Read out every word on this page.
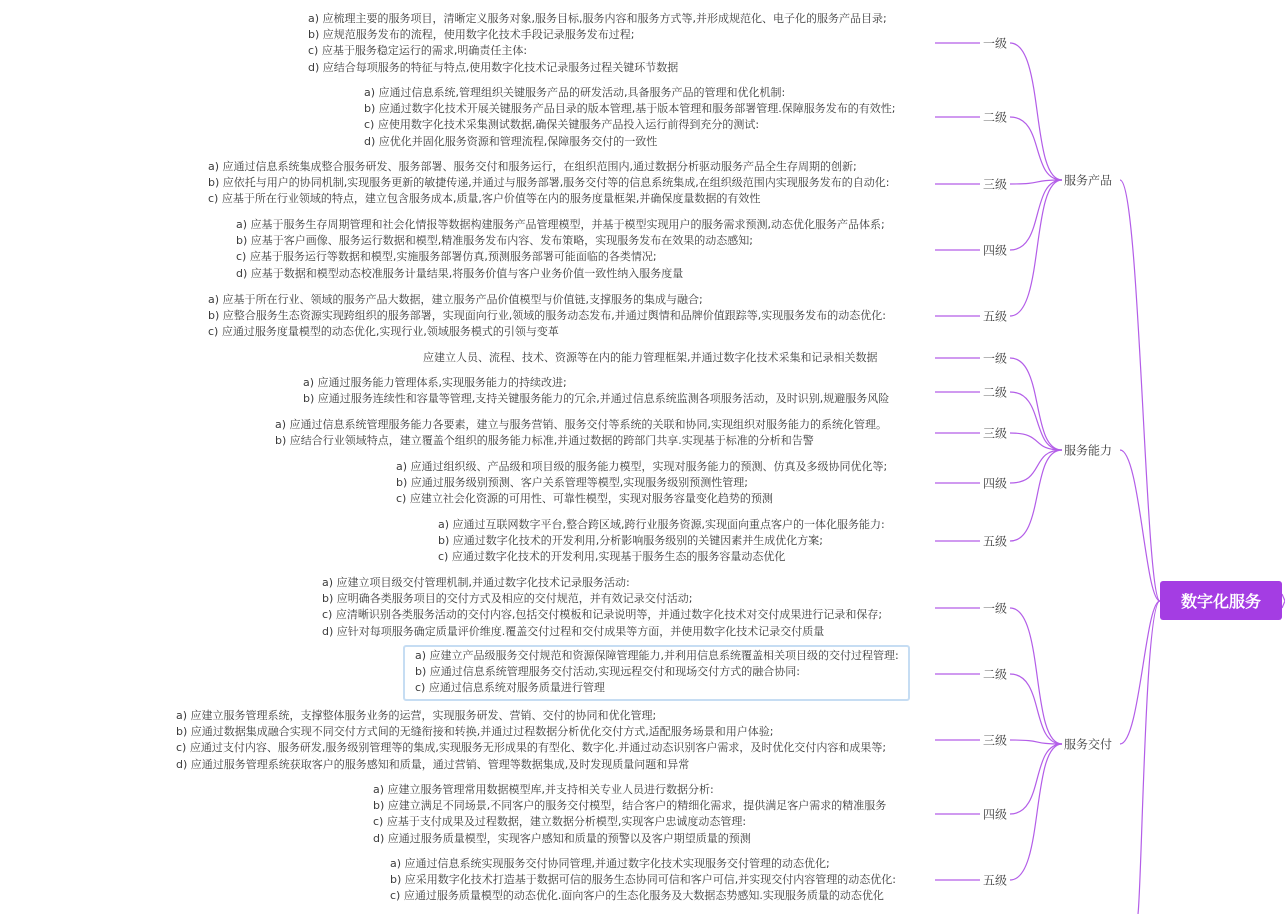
a) 应梳理主要的服务项目，清晰定义服务对象,服务目标,服务内容和服务方式等,并形成规范化、电子化的服务产品目录;
b) 应规范服务发布的流程，使用数字化技术手段记录服务发布过程;
c) 应基于服务稳定运行的需求,明确责任主体:
d) 应结合每项服务的特征与特点,使用数字化技术记录服务过程关键环节数据
一级
a) 应通过信息系统,管理组织关键服务产品的研发活动,具备服务产品的管理和优化机制:
b) 应通过数字化技术开展关键服务产品目录的版本管理,基于版本管理和服务部署管理.保障服务发布的有效性;
c) 应使用数字化技术采集测试数据,确保关键服务产品投入运行前得到充分的测试:
d) 应优化并固化服务资源和管理流程,保障服务交付的一致性
二级
a) 应通过信息系统集成整合服务研发、服务部署、服务交付和服务运行，在组织范围内,通过数据分析驱动服务产品全生存周期的创新;
b) 应依托与用户的协同机制,实现服务更新的敏捷传递,并通过与服务部署,服务交付等的信息系统集成,在组织级范围内实现服务发布的自动化:
c) 应基于所在行业领域的特点，建立包含服务成本,质量,客户价值等在内的服务度量框架,并确保度量数据的有效性
三级
a) 应基于服务生存周期管理和社会化情报等数据构建服务产品管理模型，并基于模型实现用户的服务需求预测,动态优化服务产品体系;
b) 应基于客户画像、服务运行数据和模型,精准服务发布内容、发布策略，实现服务发布在效果的动态感知;
c) 应基于服务运行等数据和模型,实施服务部署仿真,预测服务部署可能面临的各类情况;
d) 应基于数据和模型动态校准服务计量结果,将服务价值与客户业务价值一致性纳入服务度量
四级
a) 应基于所在行业、领域的服务产品大数据，建立服务产品价值模型与价值链,支撑服务的集成与融合;
b) 应整合服务生态资源实现跨组织的服务部署，实现面向行业,领域的服务动态发布,并通过舆情和品牌价值跟踪等,实现服务发布的动态优化:
c) 应通过服务度量模型的动态优化,实现行业,领域服务模式的引领与变革
五级
服务产品
应建立人员、流程、技术、资源等在内的能力管理框架,并通过数字化技术采集和记录相关数据	一级
a) 应通过服务能力管理体系,实现服务能力的持续改进;
b) 应通过服务连续性和容量等管理,支持关键服务能力的冗余,并通过信息系统监测各项服务活动，及时识别,规避服务风险	二级
a) 应通过信息系统管理服务能力各要素，建立与服务营销、服务交付等系统的关联和协同,实现组织对服务能力的系统化管理。
b) 应结合行业领域特点，建立覆盖个组织的服务能力标准,并通过数据的跨部门共享.实现基于标准的分析和告警
三级
a) 应通过组织级、产品级和项目级的服务能力模型，实现对服务能力的预测、仿真及多级协同优化等;
b) 应通过服务级别预测、客户关系管理等模型,实现服务级别预测性管理;
c) 应建立社会化资源的可用性、可靠性模型，实现对服务容量变化趋势的预测
四级
a) 应通过互联网数字平台,整合跨区域,跨行业服务资源,实现面向重点客户的一体化服务能力:
b) 应通过数字化技术的开发利用,分析影响服务级别的关键因素并生成优化方案;
c) 应通过数字化技术的开发利用,实现基于服务生态的服务容量动态优化
五级
服务能力
a) 应建立项目级交付管理机制,并通过数字化技术记录服务活动:
b) 应明确各类服务项目的交付方式及相应的交付规范，并有效记录交付活动;
c) 应清晰识别各类服务活动的交付内容,包括交付模板和记录说明等，并通过数字化技术对交付成果进行记录和保存;
d) 应针对每项服务确定质量评价维度.覆盖交付过程和交付成果等方面，并使用数字化技术记录交付质量
一级
a) 应建立产品级服务交付规范和资源保障管理能力,并利用信息系统覆盖相关项目级的交付过程管理:
b) 应通过信息系统管理服务交付活动,实现远程交付和现场交付方式的融合协同:
c) 应通过信息系统对服务质量进行管理
二级
a) 应建立服务管理系统，支撑整体服务业务的运营，实现服务研发、营销、交付的协同和优化管理;
b) 应通过数据集成融合实现不同交付方式间的无缝衔接和转换,并通过过程数据分析优化交付方式,适配服务场景和用户体验;
c) 应通过支付内容、服务研发,服务级别管理等的集成,实现服务无形成果的有型化、数字化.并通过动态识别客户需求，及时优化交付内容和成果等;
d) 应通过服务管理系统获取客户的服务感知和质量，通过营销、管理等数据集成,及时发现质量问题和异常
三级
a) 应建立服务管理常用数据模型库,并支持相关专业人员进行数据分析:
b) 应建立满足不同场景,不同客户的服务交付模型，结合客户的精细化需求，提供满足客户需求的精准服务
c) 应基于支付成果及过程数据，建立数据分析模型,实现客户忠诚度动态管理:
d) 应通过服务质量模型，实现客户感知和质量的预警以及客户期望质量的预测
四级
a) 应通过信息系统实现服务交付协同管理,并通过数字化技术实现服务交付管理的动态优化;
b) 应采用数字化技术打造基于数据可信的服务生态协同可信和客户可信,并实现交付内容管理的动态优化:
c) 应通过服务质量模型的动态优化.面向客户的生态化服务及大数据态势感知.实现服务质量的动态优化
五级
服务交付
数字化服务
